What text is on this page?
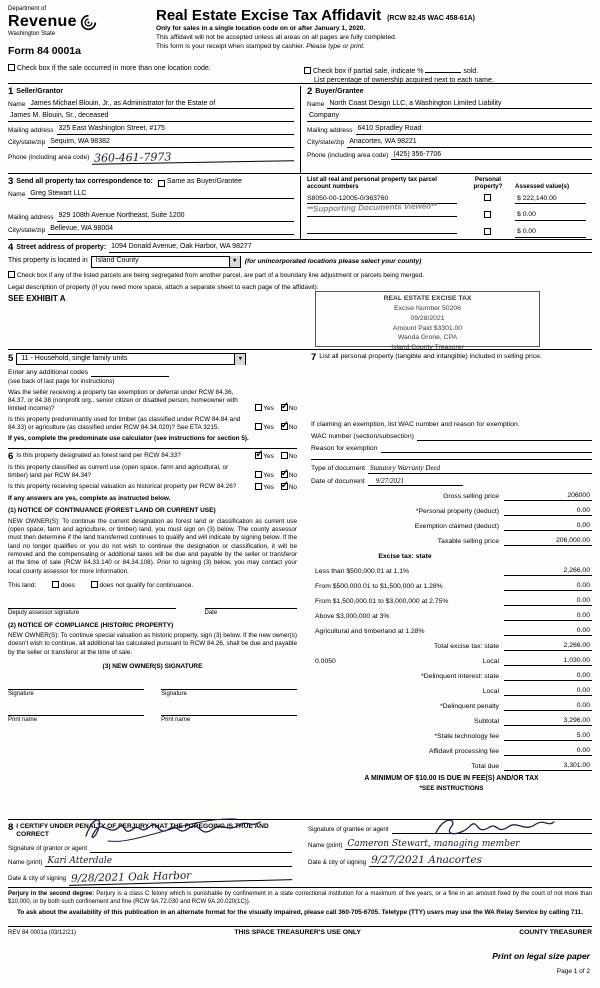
Department of
Revenue
Washington State
Form 84 0001a
Real Estate Excise Tax Affidavit (RCW 82.45 WAC 458-61A)
Only for sales in a single location code on or after January 1, 2020.
This affidavit will not be accepted unless all areas on all pages are fully completed.
This form is your receipt when stamped by cashier. Please type or print.
Check box if the sale occurred in more than one location code.	Check box if partial sale, indicate %	sold.
List percentage of ownership acquired next to each name.
1 Seller/Grantor
Name James Michael Blouin, Jr., as Administrator for the Estate of
James M. Blouin, Sr., deceased
Mailing address 325 East Washington Street, #175
City/state/zip Sequim, WA 98382
Phone (including area code) 360-461-7973
2 Buyer/Grantee
Name North Coast Design LLC, a Washington Limited Liability
Company
Mailing address 6410 Spradley Road
City/state/zip Anacortes, WA 98221
Phone (including area code) (425) 356-7706
3 Send all property tax correspondence to: Same as Buyer/Grantee
Name Greg Stewart LLC
Mailing address 929 108th Avenue Northeast, Suite 1200
City/state/zip Bellevue, WA 98004
List all real and personal property tax parcel account numbers
Personal property?	Assessed value(s)
S8050-00-12005-0/363760	$ 222,140.00
$ 0.00
$ 0.00
**Supporting Documents Viewed**
4 Street address of property: 1094 Donald Avenue, Oak Harbor, WA 98277
This property is located in	Island County	▼	(for unincorporated locations please select your county)
Check box if any of the listed parcels are being segregated from another parcel, are part of a boundary line adjustment or parcels being merged.
Legal description of property (if you need more space, attach a separate sheet to each page of the affidavit):
SEE EXHIBIT A	REAL ESTATE EXCISE TAX
Excise Number 50206
09/28/2021
Amount Paid $3301.00
Wanda Grone, CPA
Island County Treasurer
5	11 - Household, single family units	▼
Enter any additional codes
(see back of last page for instructions)
Was the seller receiving a property tax exemption or deferral under RCW 84.36, 84.37, or 84.38 (nonprofit org., senior citizen or disabled person, homeowner with limited income)?	Yes ✓ No
Is this property predominantly used for timber (as classified under RCW 84.84 and 84.33) or agriculture (as classified under RCW 84.34.020)? See ETA 3215.	Yes ✓ No
If yes, complete the predominate use calculator (see instructions for section 5).
6 Is this property designated as forest land per RCW 84.33? ✓	Yes No
Is this property classified as current use (open space, farm and agricultural, or timber) land per RCW 84.34?	Yes ✓ No
Is this property receiving special valuation as historical property per RCW 84.26?	Yes ✓ No
If any answers are yes, complete as instructed below.
(1) NOTICE OF CONTINUANCE (FOREST LAND OR CURRENT USE)
NEW OWNER(S): To continue the current designation as forest land or classification as current use (open space, farm and agriculture, or timber) land, you must sign on (3) below. The county assessor must then determine if the land transferred continues to qualify and will indicate by signing below. If the land no longer qualifies or you do not wish to continue the designation or classification, it will be removed and the compensating or additional taxes will be due and payable by the seller or transferor at the time of sale (RCW 84.33.140 or 84.34.108). Prior to signing (3) below, you may contact your local county assessor for more information.
This land:	does	does not qualify for continuance.
Deputy assessor signature	Date
(2) NOTICE OF COMPLIANCE (HISTORIC PROPERTY)
NEW OWNER(S): To continue special valuation as historic property, sign (3) below. If the new owner(s) doesn't wish to continue, all additional tax calculated pursuant to RCW 84.26, shall be due and payable by the seller or transferor at the time of sale.
(3) NEW OWNER(S) SIGNATURE
Signature	Signature
Print name	Print name
7 List all personal property (tangible and intangible) included in selling price.
If claiming an exemption, list WAC number and reason for exemption.
WAC number (section/subsection)
Reason for exemption
Type of document Statutory Warranty Deed
Date of document	9/27/2021
Gross selling price	206000
*Personal property (deduct)	0.00
Exemption claimed (deduct)	0.00
Taxable selling price	206,000.00
Excise tax: state
Less than $500,000.01 at 1.1%	2,266.00
From $500,000.01 to $1,500,000 at 1.28%	0.00
From $1,500,000.01 to $3,000,000 at 2.75%	0.00
Above $3,000,000 at 3%	0.00
Agricultural and timberland at 1.28%	0.00
Total excise tax: state	2,266.00
0.0050	Local	1,030.00
*Delinquent interest: state	0.00
Local	0.00
*Delinquent penalty	0.00
Subtotal	3,296.00
*State technology fee	5.00
Affidavit processing fee	0.00
Total due	3,301.00
A MINIMUM OF $10.00 IS DUE IN FEE(S) AND/OR TAX
*SEE INSTRUCTIONS
8 I CERTIFY UNDER PENALTY OF PERJURY THAT THE FOREGOING IS TRUE AND CORRECT
Signature of grantor or agent
Name (print) Kari Atterdale
Date & city of signing 9/28/2021 Oak Harbor
Signature of grantee or agent
Name (print) Cameron Stewart, managing member
Date & city of signing 9/27/2021 Anacortes
Perjury in the second degree: Perjury is a class C felony which is punishable by confinement in a state correctional institution for a maximum of five years, or a fine in an amount fixed by the court of not more than $10,000, or by both such confinement and fine (RCW 9A.72.030 and RCW 9A.20.020(1C)).
To ask about the availability of this publication in an alternate format for the visually impaired, please call 360-705-6705. Teletype (TTY) users may use the WA Relay Service by calling 711.
REV 84 0001a (03/12/21)	THIS SPACE TREASURER'S USE ONLY	COUNTY TREASURER
Print on legal size paper
Page 1 of 2
